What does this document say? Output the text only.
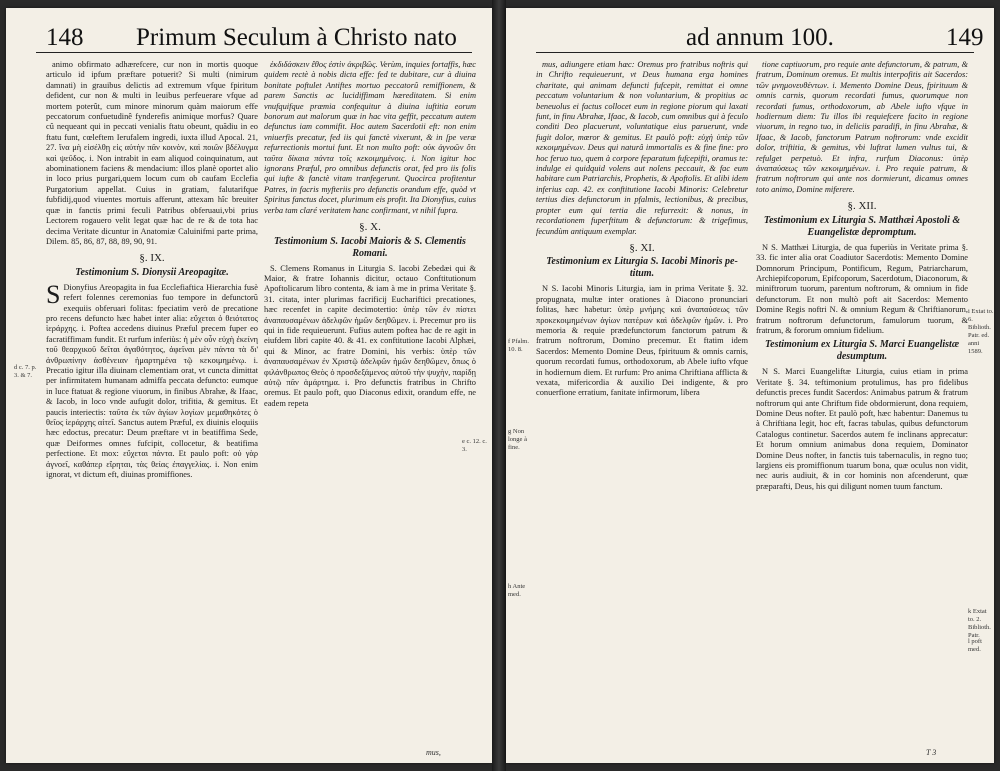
148 Primum Seculum à Christo nato
d c. 7. p. 3. & 7.
e c. 12. c. 3.

animo obfirmato adhærefcere, cur non in mortis quoque articulo id ipfum præftare potuerit? Si multi (nimirum damnati) in grauibus delictis ad extremum vfque fpiritum defident, cur non & multi in leuibus perfeuerare vfque ad mortem poterût, cum minore minorum quàm maiorum effe peccatorum confuetudinê fynderefis animique morfus? Quare cû nequeant qui in peccati venialis ftatu obeunt, quãdiu in eo ftatu funt, cœleftem Ierufalem ingredi, iuxta illud Apocal. 21, 27. ἵνα μὴ εἰσέλθῃ εἰς αὐτὴν πᾶν κοινὸν, καὶ ποιῶν βδέλυγμα καὶ ψεῦδος. i. Non intrabit in eam aliquod coinquinatum, aut abominationem faciens & mendacium: illos planè oportet alio in loco prius purgari,quem locum cum ob caufam Ecclefia Purgatorium appellat. Cuius in gratiam, falutarifque fubfidij,quod viuentes mortuis afferunt, attexam hîc breuiter quæ in fanctis primi feculi Patribus obferuaui,vbi prius Lectorem rogauero velit legat quæ hac de re & de tota hac decima Veritate dicuntur in Anatomiæ Caluinifmi parte prima, Dilem. 85, 86, 87, 88, 89, 90, 91.

§. IX.
Testimonium S. Dionysii Areopagitæ.

S Dionyfius Areopagita in fua Ecclefiaftica Hierarchia fusè refert folennes ceremonias fuo tempore in defunctorũ exequiis obferuari folitas: fpeciatim verò de precatione pro recens defuncto hæc habet inter alia: εὔχεται ὁ θειότατος ἱεράρχης. i. Poftea accedens diuinus Præful precem fuper eo facratiffimam fundit. Et rurfum inferiùs: ἡ μὲν οὖν εὐχὴ ἐκείνη τοῦ θεαρχικοῦ δεῖται ἀγαθότητος, ἀφεῖναι μὲν πάντα τὰ δι' ἀνθρωπίνην ἀσθένειαν ἡμαρτημένα τῷ κεκοιμημένῳ. i. Precatio igitur illa diuinam clementiam orat, vt cuncta dimittat per infirmitatem humanam admiffa peccata defuncto: eumque in luce ftatuat & regione viuorum, in finibus Abrahæ, & Ifaac, & Iacob, in loco vnde aufugit dolor, trifitia, & gemitus. Et paucis interiectis: ταῦτα ἐκ τῶν ἁγίων λογίων μεμαθηκότες ὁ θεῖος ἱεράρχης αἰτεῖ. Sanctus autem Præful, ex diuinis eloquiis hæc edoctus, precatur: Deum præftare vt in beatiffima Sede, quæ Deiformes omnes fufcipit, collocetur, & beatifima perfectione. Et mox: εὔχεται πάντα. Et paulo poft: οὐ γὰρ ἀγνοεῖ, καθάπερ εἴρηται, τὰς θείας ἐπαγγελίας. i. Non enim ignorat, vt dictum eft, diuinas promiffiones.

ἐκδιδάσκειν ἔθος ἐστὶν ἀκριβῶς. Verùm, inquies fortaffis, hæc quidem rectè à nobis dicta effe: fed te dubitare, cur à diuina bonitate poftulet Antiftes mortuo peccatorû remiffionem, & parem Sanctis ac lucidiffimam hæreditatem. Si enim vnufquifque præmia confequitur à diuina iuftitia eorum bonorum aut malorum quæ in hac vita geffit, peccatum autem defunctus iam commifit. Hoc autem Sacerdotii eft: non enim vniuerfis precatur, fed iis qui fanctè vixerunt, & in ſpe veræ refurrectionis mortui funt. Et non multo poft: οὐκ ἀγνοῶν ὅτι ταῦτα δίκαια πάντα τοῖς κεκοιμημένοις. i. Non igitur hoc ignorans Præful, pro omnibus defunctis orat, fed pro iis folis qui iufte & fanctè vitam tranfegerunt. Quocirca profitentur Patres, in facris myfteriis pro defunctis orandum effe, quòd vt Spiritus fanctus docet, plurimum eis profit. Ita Dionyfius, cuius verba tam claré veritatem hanc confirmant, vt nihil fupra.

§. X.
Testimonium S. Iacobi Maioris & S. Clementis Romani.

S. Clemens Romanus in Liturgia S. Iacobi Zebedæi qui & Maior, & fratre Iohannis dicitur, octauo Conftitutionum Apoftolicarum libro contenta, & iam à me in prima Veritate §. 31. citata, inter plurimas facrificij Euchariftici precationes, hæc recenfet in capite decimotertio: ὑπὲρ τῶν ἐν πίστει ἀναπαυσαμένων ἀδελφῶν ἡμῶν δεηθῶμεν. i. Precemur pro iis qui in fide requieuerunt. Fufius autem poftea hac de re agit in eiufdem libri capite 40. & 41. ex conftitutione Iacobi Alphæi, qui & Minor, ac fratre Domini, his verbis: ὑπὲρ τῶν ἀναπαυσαμένων ἐν Χριστῷ ἀδελφῶν ἡμῶν δεηθῶμεν, ὅπως ὁ φιλάνθρωπος Θεὸς ὁ προσδεξάμενος αὐτοῦ τὴν ψυχὴν, παρίδῃ αὐτῷ πᾶν ἁμάρτημα. i. Pro defunctis fratribus in Chrifto oremus. Et paulo poft, quo Diaconus edixit, orandum effe, ne eadem repeta

mus,
ad annum 100.	149
f Pfalm. 10. 8.
g Non longe à fine.
h Ante med.
i Extat to. 6. Biblioth. Patr. ed. anni 1589.
k Extat to. 2. Biblioth. Patr.
l poft med.

mus, adiungere etiam hæc: Oremus pro fratribus noftris qui in Chrifto requieuerunt, vt Deus humana erga homines charitate, qui animam defuncti fufcepit, remittat ei omne peccatum voluntarium & non voluntarium, & propitius ac beneuolus ei factus collocet eum in regione piorum qui laxati funt, in finu Abrahæ, Ifaac, & Iacob, cum omnibus qui à feculo conditi Deo placuerunt, voluntatique eius paruerunt, vnde fugit dolor, mœror & gemitus. Et paulò poft: εὐχὴ ὑπὲρ τῶν κεκοιμημένων. Deus qui naturâ immortalis es & fine fine: pro hoc feruo tuo, quem à corpore feparatum fufcepifti, oramus te: indulge ei quidquid volens aut nolens peccauit, & fac eum habitare cum Patriarchis, Prophetis, & Apoftolis. Et alibi idem inferius cap. 42. ex conftitutione Iacobi Minoris: Celebretur tertius dies defunctorum in pfalmis, lectionibus, & precibus, propter eum qui tertia die refurrexit: & nonus, in recordationem fuperftitum & defunctorum: & trigefimus, fecundùm antiquum exemplar.

§. XI.
Testimonium ex Liturgia S. Iacobi Minoris petitum.

N S. Iacobi Minoris Liturgia, iam in prima Veritate §. 32. propugnata, multæ inter orationes à Diacono pronunciari folitas, hæc habetur: ὑπὲρ μνήμης καὶ ἀναπαύσεως τῶν προκεκοιμημένων ἁγίων πατέρων καὶ ἀδελφῶν ἡμῶν. i. Pro memoria & requie prædefunctorum fanctorum patrum & fratrum noftrorum, Domino precemur. Et ftatim idem Sacerdos: Memento Domine Deus, fpirituum & omnis carnis, quorum recordati fumus, orthodoxorum, ab Abele iufto vfque in hodiernum diem. Et rurfum: Pro anima Chriftiana afflicta & vexata, mifericordia & auxilio Dei indigente, & pro conuerfione erratium, fanitate infirmorum, libera

tione captiuorum, pro requie ante defunctorum, & patrum, & fratrum, Dominum oremus. Et multis interpofitis ait Sacerdos: τῶν μνημονευθέντων. i. Memento Domine Deus, fpirituum & omnis carnis, quorum recordati fumus, quorumque non recordati fumus, orthodoxorum, ab Abele iufto vfque in hodiernum diem: Tu illos ibi requiefcere facito in regione viuorum, in regno tuo, in deliciis paradifi, in finu Abrahæ, & Ifaac, & Iacob, fanctorum Patrum noftrorum: vnde excidit dolor, triftitia, & gemitus, vbi luftrat lumen vultus tui, & refulget perpetuò. Et infra, rurfum Diaconus: ὑπὲρ ἀναπαύσεως τῶν κεκοιμημένων. i. Pro requie patrum, & fratrum noftrorum qui ante nos dormierunt, dicamus omnes toto animo, Domine miferere.

§. XII.
Testimonium ex Liturgia S. Matthæi Apostoli & Euangelistæ depromptum.

N S. Matthæi Liturgia, de qua fuperiùs in Veritate prima §. 33. fic inter alia orat Coadiutor Sacerdotis: Memento Domine Domnorum Principum, Pontificum, Regum, Patriarcharum, Archiepifcoporum, Epifcoporum, Sacerdotum, Diaconorum, & miniftrorum tuorum, parentum noftrorum, & omnium in fide defunctorum. Et non multò poft ait Sacerdos: Memento Domine Regis noftri N. & omnium Regum & Chriftianorum, fratrum noftrorum defunctorum, famulorum tuorum, & fratrum, & fororum omnium fidelium.

Testimonium ex Liturgia S. Marci Euangelistæ desumptum.

N S. Marci Euangeliftæ Liturgia, cuius etiam in prima Veritate §. 34. teftimonium protulimus, has pro fidelibus defunctis preces fundit Sacerdos: Animabus patrum & fratrum noftrorum qui ante Chriftum fide obdormierunt, dona requiem, Domine Deus nofter. Et paulò poft, hæc habentur: Danemus tu à Chriftiana legit, hoc eft, facras tabulas, quibus defunctorum Catalogus continetur. Sacerdos autem fe inclinans apprecatur: Et horum omnium animabus dona requiem, Dominator Domine Deus nofter, in fanctis tuis tabernaculis, in regno tuo; largiens eis promiffionum tuarum bona, quæ oculus non vidit, nec auris audiuit, & in cor hominis non afcenderunt, quæ præparafti, Deus, his qui diligunt nomen tuum fanctum.

T 3
